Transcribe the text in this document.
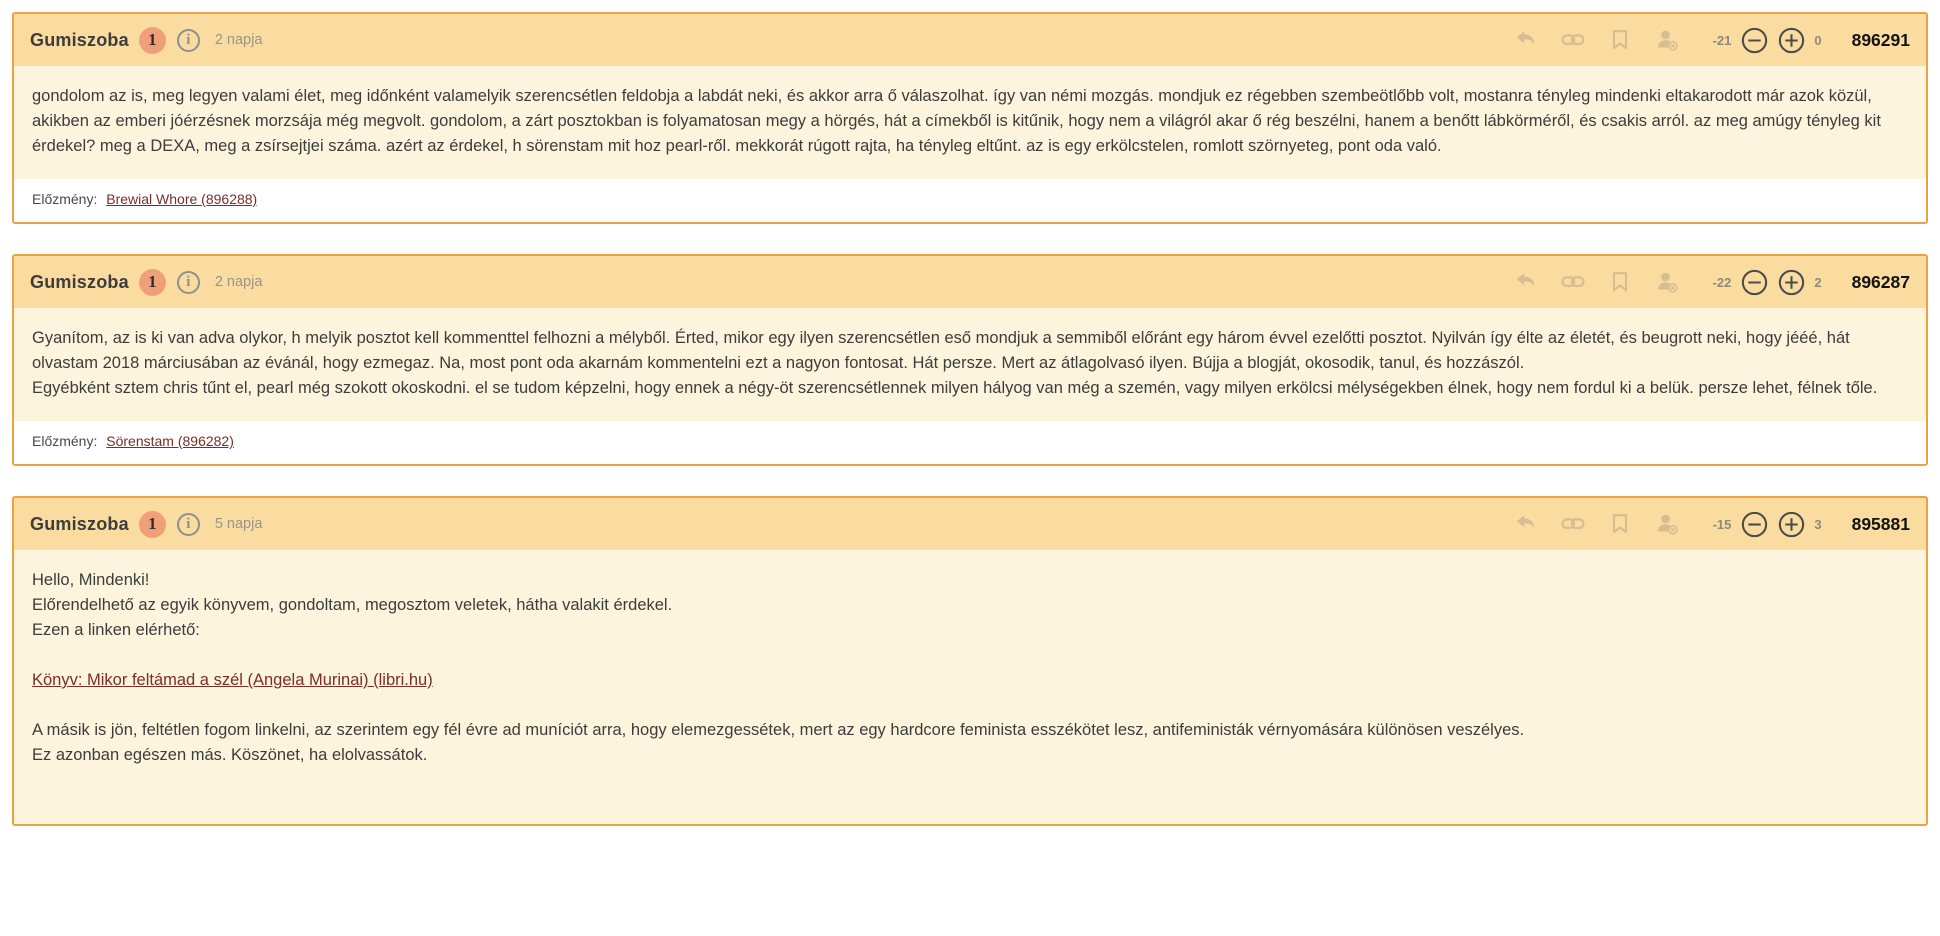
Gumiszoba	1	i	2 napja	-21	0 896291

gondolom az is, meg legyen valami élet, meg időnként valamelyik szerencsétlen feldobja a labdát neki, és akkor arra ő válaszolhat. így van némi mozgás. mondjuk ez régebben szembeötlőbb volt, mostanra tényleg mindenki eltakarodott már azok közül, akikben az emberi jóérzésnek morzsája még megvolt. gondolom, a zárt posztokban is folyamatosan megy a hörgés, hát a címekből is kitűnik, hogy nem a világról akar ő rég beszélni, hanem a benőtt lábkörméről, és csakis arról. az meg amúgy tényleg kit érdekel? meg a DEXA, meg a zsírsejtjei száma. azért az érdekel, h sörenstam mit hoz pearl-ről. mekkorát rúgott rajta, ha tényleg eltűnt. az is egy erkölcstelen, romlott szörnyeteg, pont oda való.

Előzmény: Brewial Whore (896288)
Gumiszoba	1	i	2 napja	-22	2 896287

Gyanítom, az is ki van adva olykor, h melyik posztot kell kommenttel felhozni a mélyből. Érted, mikor egy ilyen szerencsétlen eső mondjuk a semmiből előránt egy három évvel ezelőtti posztot. Nyilván így élte az életét, és beugrott neki, hogy jééé, hát olvastam 2018 márciusában az évánál, hogy ezmegaz. Na, most pont oda akarnám kommentelni ezt a nagyon fontosat. Hát persze. Mert az átlagolvasó ilyen. Bújja a blogját, okosodik, tanul, és hozzászól.

Egyébként sztem chris tűnt el, pearl még szokott okoskodni. el se tudom képzelni, hogy ennek a négy-öt szerencsétlennek milyen hályog van még a szemén, vagy milyen erkölcsi mélységekben élnek, hogy nem fordul ki a belük. persze lehet, félnek tőle.

Előzmény: Sörenstam (896282)
Gumiszoba	1	i	5 napja	-15	3 895881
Hello, Mindenki!
Előrendelhető az egyik könyvem, gondoltam, megosztom veletek, hátha valakit érdekel.
Ezen a linken elérhető:
Könyv: Mikor feltámad a szél (Angela Murinai) (libri.hu)
A másik is jön, feltétlen fogom linkelni, az szerintem egy fél évre ad muníciót arra, hogy elemezgessétek, mert az egy hardcore feminista esszékötet lesz, antifeministák vérnyomására különösen veszélyes.
Ez azonban egészen más. Köszönet, ha elolvassátok.
